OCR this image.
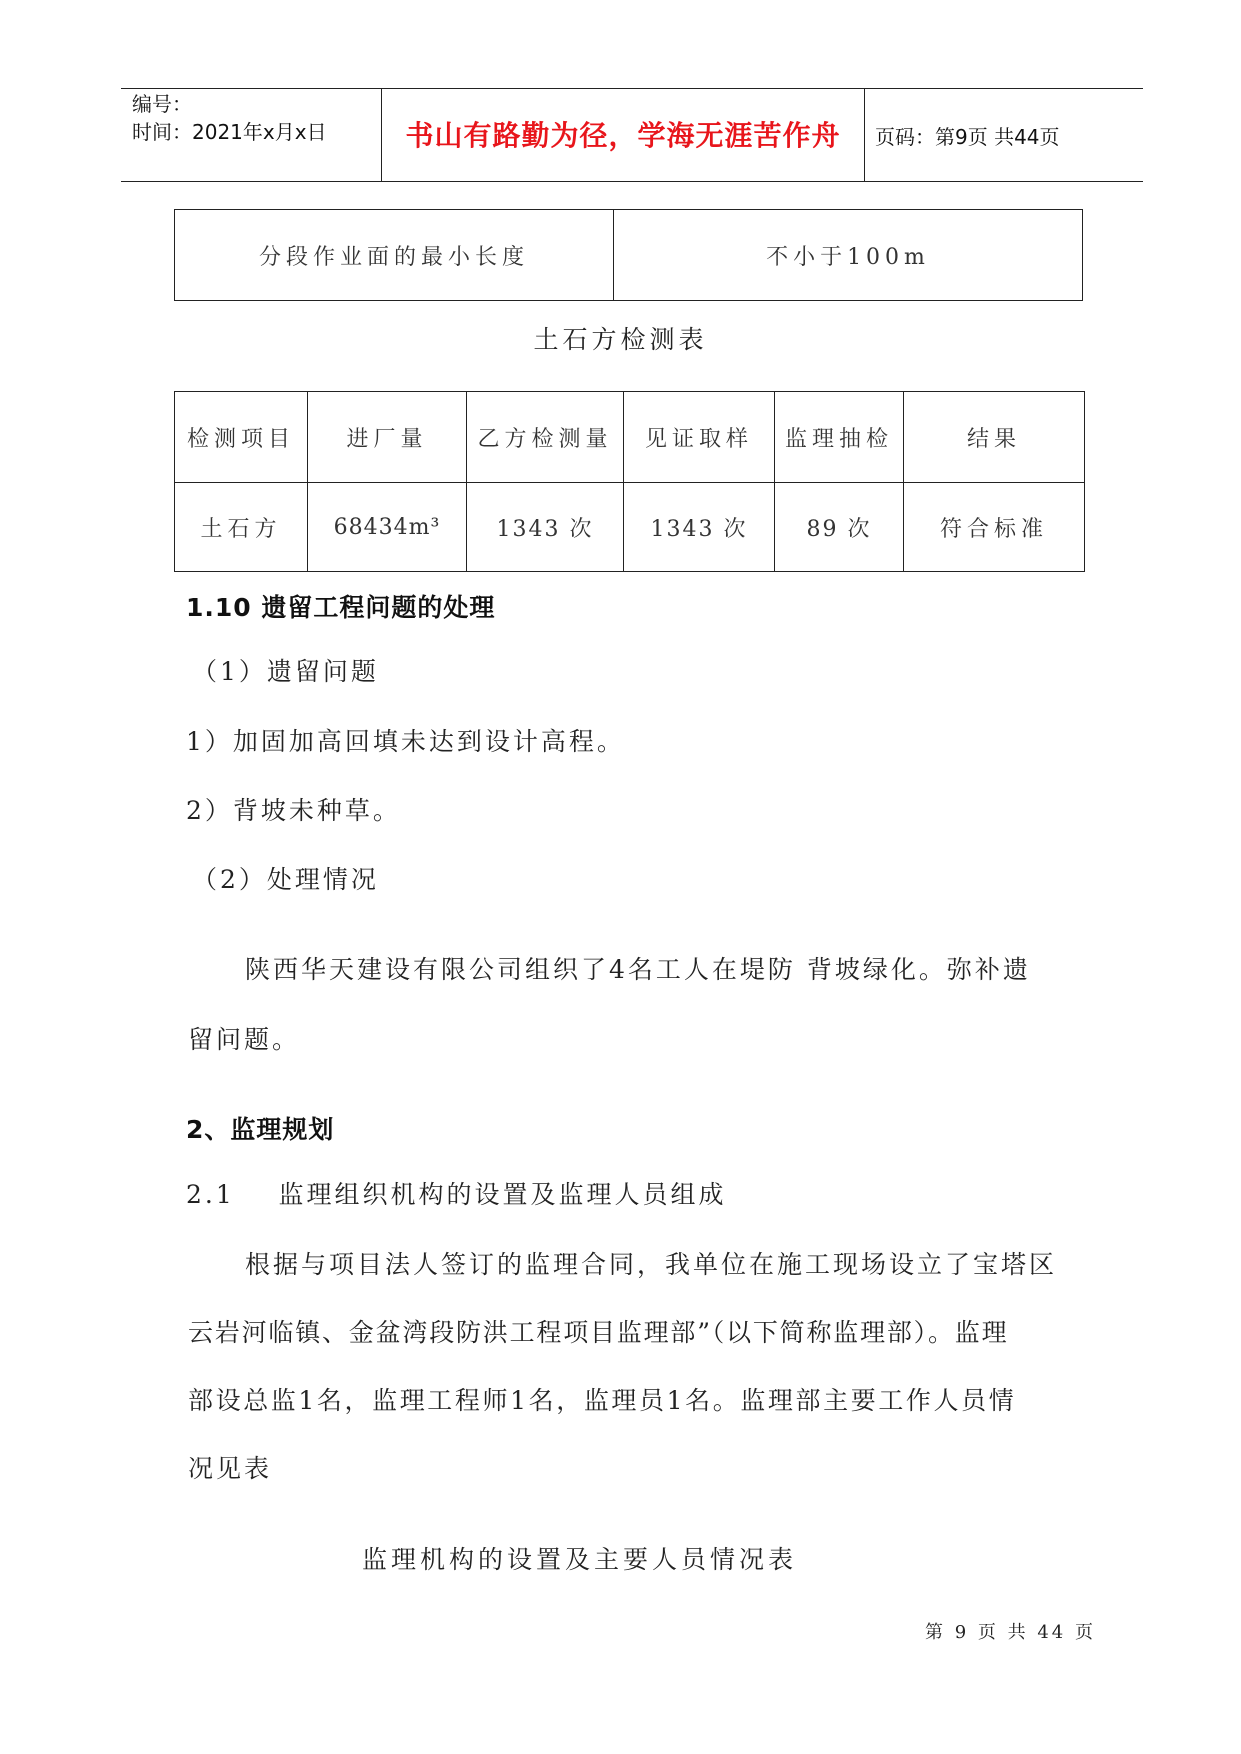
编号：
时间：2021年x月x日	书山有路勤为径，学海无涯苦作舟	页码：第9页 共44页
分段作业面的最小长度	不小于100m
土石方检测表
检测项目	进厂量	乙方检测量	见证取样	监理抽检	结果
土石方	68434m³	1343 次	1343 次	89 次	符合标准
1.10 遗留工程问题的处理
（1）遗留问题
1）加固加高回填未达到设计高程。
2）背坡未种草。
（2）处理情况
陕西华天建设有限公司组织了4名工人在堤防 背坡绿化。弥补遗
留问题。
2、监理规划
2.1    监理组织机构的设置及监理人员组成
根据与项目法人签订的监理合同，我单位在施工现场设立了宝塔区
云岩河临镇、金盆湾段防洪工程项目监理部”（以下简称监理部）。监理
部设总监1名，监理工程师1名，监理员1名。监理部主要工作人员情
况见表
监理机构的设置及主要人员情况表
第 9 页 共 44 页
